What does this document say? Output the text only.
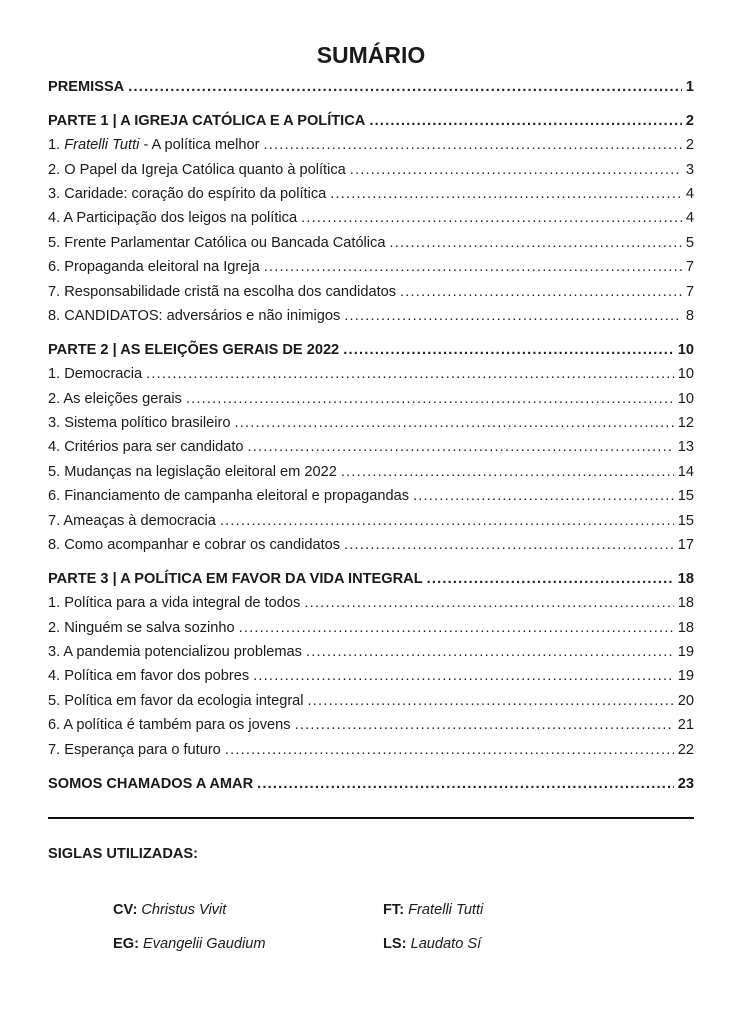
SUMÁRIO
PREMISSA .....	1
PARTE 1 | A IGREJA CATÓLICA E A POLÍTICA .....	2
1. Fratelli Tutti - A política melhor .....	2
2. O Papel da Igreja Católica quanto à política .....	3
3. Caridade: coração do espírito da política .....	4
4. A Participação dos leigos na política .....	4
5. Frente Parlamentar Católica ou Bancada Católica .....	5
6. Propaganda eleitoral na Igreja .....	7
7. Responsabilidade cristã na escolha dos candidatos .....	7
8. CANDIDATOS: adversários e não inimigos .....	8
PARTE 2 | AS ELEIÇÕES GERAIS DE 2022 .....	10
1. Democracia .....	10
2. As eleições gerais .....	10
3. Sistema político brasileiro .....	12
4. Critérios para ser candidato .....	13
5. Mudanças na legislação eleitoral em 2022 .....	14
6. Financiamento de campanha eleitoral e propagandas .....	15
7. Ameaças à democracia .....	15
8. Como acompanhar e cobrar os candidatos .....	17
PARTE 3 | A POLÍTICA EM FAVOR DA VIDA INTEGRAL .....	18
1. Política para a vida integral de todos .....	18
2. Ninguém se salva sozinho .....	18
3. A pandemia potencializou problemas .....	19
4. Política em favor dos pobres .....	19
5. Política em favor da ecologia integral .....	20
6. A política é também para os jovens .....	21
7. Esperança para o futuro .....	22
SOMOS CHAMADOS A AMAR .....	23
SIGLAS UTILIZADAS:
CV: Christus Vivit	FT: Fratelli Tutti
EG: Evangelii Gaudium	LS: Laudato Sí
